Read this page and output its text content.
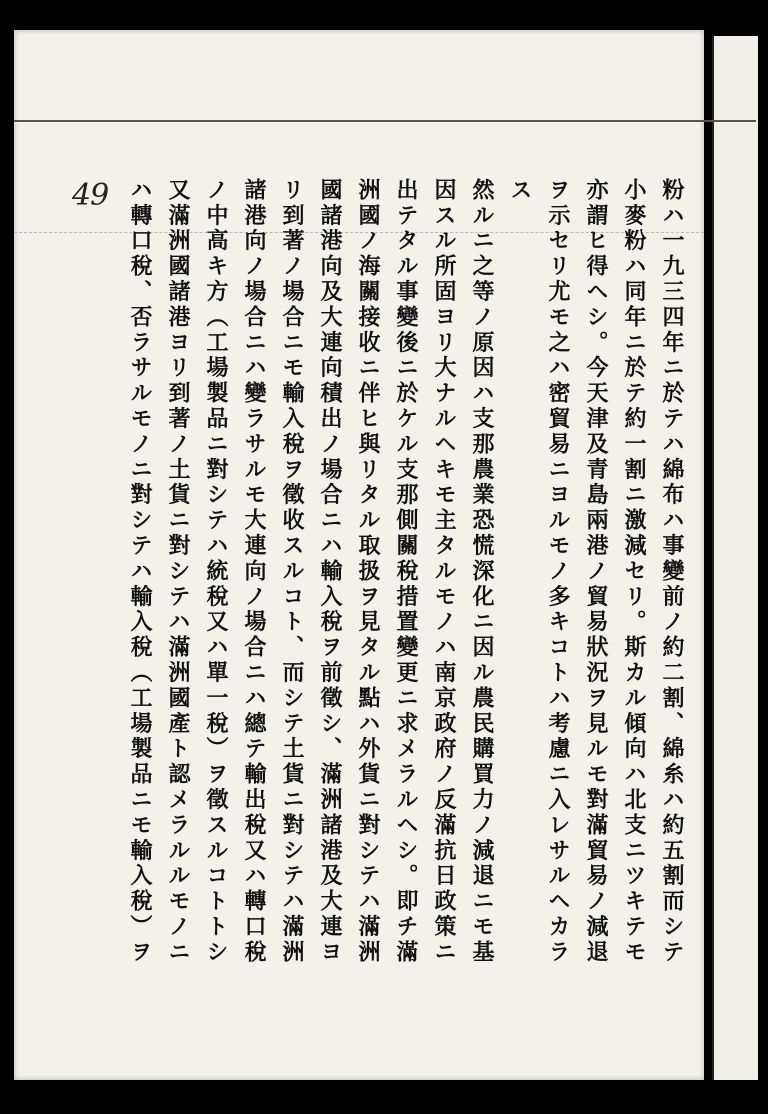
49	粉ハ一九三四年ニ於テハ綿布ハ事變前ノ約二割、綿糸ハ約五割而シテ
小麥粉ハ同年ニ於テ約一割ニ激減セリ。斯カル傾向ハ北支ニツキテモ
亦謂ヒ得ヘシ。今天津及青島兩港ノ貿易狀況ヲ見ルモ對滿貿易ノ減退
ヲ示セリ尤モ之ハ密貿易ニヨルモノ多キコトハ考慮ニ入レサルヘカラ
ス
然ルニ之等ノ原因ハ支那農業恐慌深化ニ因ル農民購買力ノ減退ニモ基
因スル所固ヨリ大ナルヘキモ主タルモノハ南京政府ノ反滿抗日政策ニ
出テタル事變後ニ於ケル支那側關稅措置變更ニ求メラルヘシ。即チ滿
洲國ノ海關接收ニ伴ヒ與リタル取扱ヲ見タル點ハ外貨ニ對シテハ滿洲
國諸港向及大連向積出ノ場合ニハ輸入稅ヲ前徵シ、滿洲諸港及大連ヨ
リ到著ノ場合ニモ輸入稅ヲ徵收スルコト、而シテ土貨ニ對シテハ滿洲
諸港向ノ場合ニハ變ラサルモ大連向ノ場合ニハ總テ輸出稅又ハ轉口稅
ノ中高キ方（工場製品ニ對シテハ統稅又ハ單一稅）ヲ徵スルコトトシ
又滿洲國諸港ヨリ到著ノ土貨ニ對シテハ滿洲國產ト認メラルルモノニ
ハ轉口稅、否ラサルモノニ對シテハ輸入稅（工場製品ニモ輸入稅）ヲ
